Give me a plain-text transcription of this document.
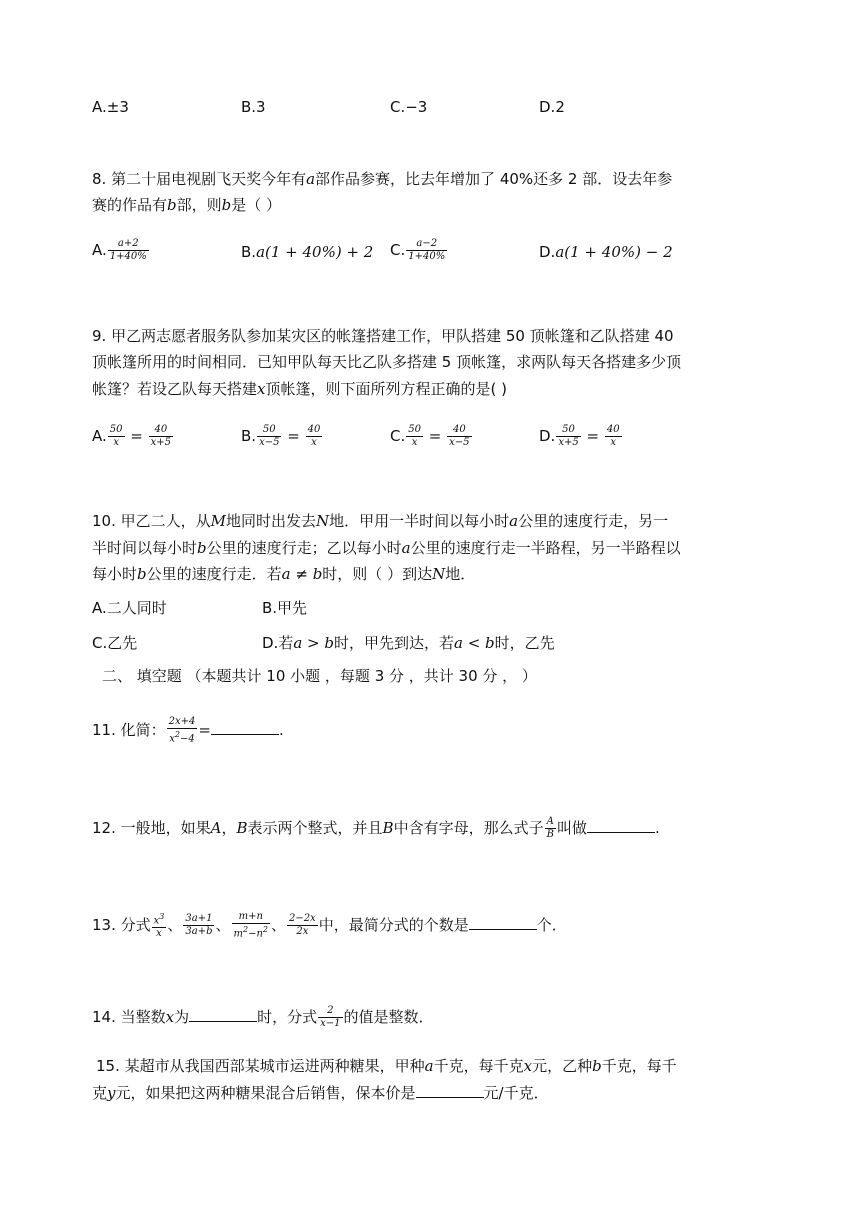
A.±3	B.3	C.−3	D.2
8. 第二十届电视剧飞天奖今年有a部作品参赛，比去年增加了 40%还多 2 部．设去年参
赛的作品有b部，则b是（ ）
A. $\frac{a+2}{1+40\%}$	B.a(1 + 40%) + 2 C. $\frac{a-2}{1+40\%}$	D.a(1 + 40%) − 2
9. 甲乙两志愿者服务队参加某灾区的帐篷搭建工作，甲队搭建 50 顶帐篷和乙队搭建 40
顶帐篷所用的时间相同．已知甲队每天比乙队多搭建 5 顶帐篷，求两队每天各搭建多少顶
帐篷？若设乙队每天搭建x顶帐篷，则下面所列方程正确的是( )
A. $\frac{50}{x} = \frac{40}{x+5}$	B. $\frac{50}{x-5} = \frac{40}{x}$	C. $\frac{50}{x} = \frac{40}{x-5}$	D. $\frac{50}{x+5} = \frac{40}{x}$
10. 甲乙二人，从M地同时出发去N地．甲用一半时间以每小时a公里的速度行走，另一
半时间以每小时b公里的速度行走；乙以每小时a公里的速度行走一半路程，另一半路程以
每小时b公里的速度行走．若a ≠ b时，则（ ）到达N地．
A.二人同时	B.甲先
C.乙先	D.若a > b时，甲先到达，若a < b时，乙先
二、 填空题 （本题共计 10 小题 ，每题 3 分 ，共计 30 分 ， ）
11. 化简： $\frac{2x+4}{x^2-4}$ =	.
12. 一般地，如果A，B表示两个整式，并且B中含有字母，那么式子 $\frac{A}{B}$ 叫做	.
13. 分式 $\frac{x^3}{x}$ 、 $\frac{3a+1}{3a+b}$ 、 $\frac{m+n}{m^2-n^2}$ 、 $\frac{2-2x}{2x}$ 中，最简分式的个数是	个．
14. 当整数x为	时，分式 $\frac{2}{x-1}$ 的值是整数．
15. 某超市从我国西部某城市运进两种糖果，甲种a千克，每千克x元，乙种b千克，每千
克y元，如果把这两种糖果混合后销售，保本价是	元/千克．
